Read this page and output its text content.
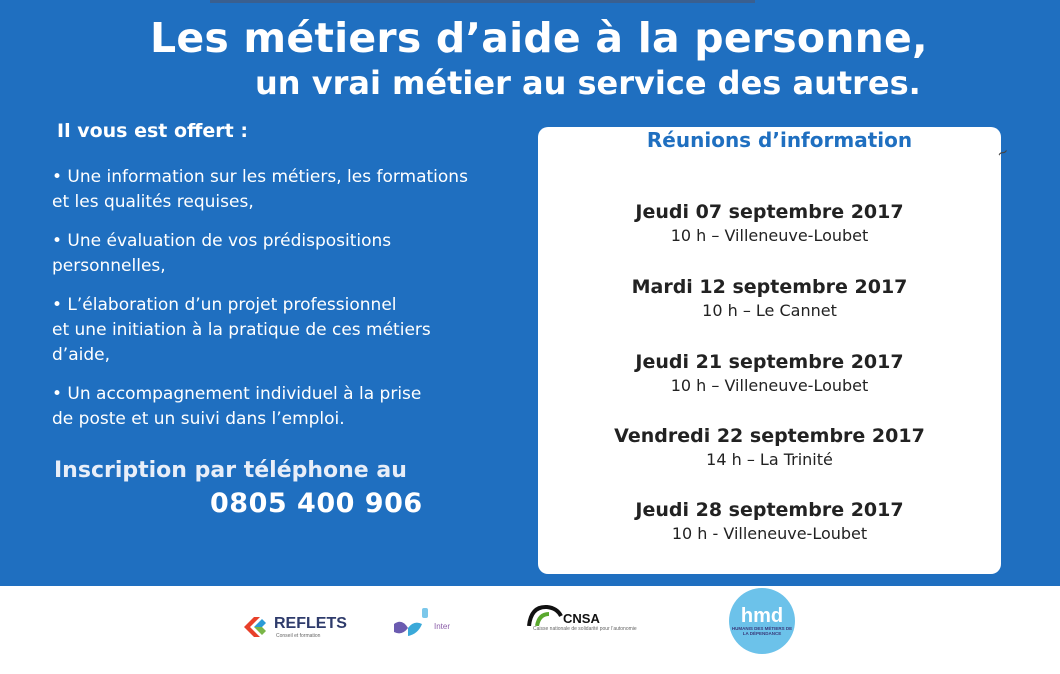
Les métiers d’aide à la personne,
un vrai métier au service des autres.
Il vous est offert :
• Une information sur les métiers, les formations
et les qualités requises,
• Une évaluation de vos prédispositions
personnelles,
• L’élaboration d’un projet professionnel
et une initiation à la pratique de ces métiers
d’aide,
• Un accompagnement individuel à la prise
de poste et un suivi dans l’emploi.
Inscription par téléphone au
0805 400 906
Réunions d’information
~
Jeudi 07 septembre 2017
10 h – Villeneuve-Loubet
Mardi 12 septembre 2017
10 h – Le Cannet
Jeudi 21 septembre 2017
10 h – Villeneuve-Loubet
Vendredi 22 septembre 2017
14 h – La Trinité
Jeudi 28 septembre 2017
10 h - Villeneuve-Loubet
REFLETS
Conseil et formation
Inter	CNSA
Caisse nationale de solidarité pour l’autonomie
hmd
HUMANIS DES MÉTIERS DE LA DÉPENDANCE
